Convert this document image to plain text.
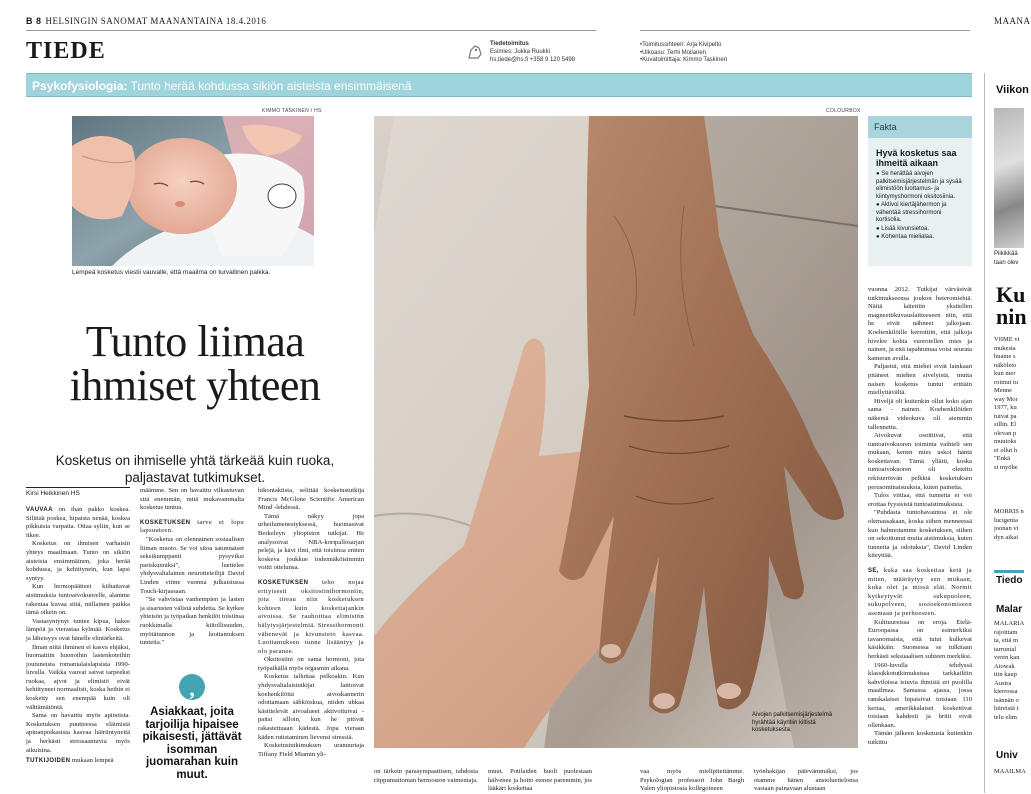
B 8 HELSINGIN SANOMAT MAANANTAINA 18.4.2016	MAANA
TIEDE	Tiedetoimitus
Esimies: Jukka Ruukki
hs.tiede@hs.fi +358 9 120 5498
•Toimitussihteeri: Arja Kivipelto
•Ulkoasu: Terhi Moilanen
•Kuvatoimittaja: Kimmo Taskinen
Psykofysiologia: Tunto herää kohdussa sikiön aisteista ensimmäisenä
KIMMO TASKINEN / HS
Lempeä kosketus viestii vauvalle, että maailma on turvallinen paikka.
Tunto liimaa
ihmiset yhteen
Kosketus on ihmiselle yhtä tärkeää kuin ruoka,
paljastavat tutkimukset.
COLOURBOX
Aivojen palkitsemisjärjestelmä hyrähtää käyntiin kiltistä kosketuksesta.
Fakta
Hyvä kosketus saa ihmeitä aikaan
● Se herättää aivojen palkitsemisjärjestelmän ja sysää elimistöön luottamus- ja kiintymyshormoni oksitosiinia.
● Aktivoi kiertäjähermon ja vähentää stressihormoni kortisolia.
● Lisää kivunsietoa.
● Kohentaa mielialaa.
Kirsi Heikkinen HS

VAUVAA on ihan pakko koskea. Silittää poskea, hipaista nenää, koskea pikkuisia varpaita. Ottaa syliin, kun se itkee.

Kosketus on ihmisen varhaisin yhteys maailmaan. Tunto on sikiön aisteista ensimmäinen, joka herää kohdussa, ja kehittynein, kun lapsi syntyy.

Kun hermopäätteet kiihattavat aistimuksia tuntoaivokuorelle, alamme rakentaa kuvaa siitä, millainen paikka tämä oikein on.

Vastasyntynyt tuntee kipua, hakee lämpöä ja vierastaa kylmää. Kosketus ja läheisyys ovat hänelle elintärkeitä.

Ilman niitä ihminen ei kasva ehjäksi, huomattiin huonoihin lastenkoteihin joutuneista romanialaislapsista 1990-luvulla. Vaikka vauvat saivat tarpeeksi ruokaa, ajvot ja elimistö eivät kehittyneet normaalisti, koska heihin ei kosketty sen enempää kuin oli välttämätöntä.

Sama on havaittu myös apinoista. Kosketuksen puutteessa eläimistä apinanpoikasista kasvaa häiriintyneitä ja herkästi stressaantuvia myös aikuisina.

TUTKIJOIDEN mukaan lempeä

määmme. Sen on havaittu vilkastuvan sitä enemmän, mitä mukavammalta kosketus tuntuu.

KOSKETUKSEN tarve ei lopu lapsuuteen.

"Kosketus on olennainen sosiaalisen liiman muoto. Se voi sitoa satunnaiset seksikumppanit pysyviksi pariskunniksi", luettelee yhdysvaltalainen neurotieteilijä David Linden viime vuonna julkaistussa Touch-kirjassaan.

"Se vahvistaa vanhempien ja lasten ja sisarusten välistä suhdetta. Se kytkee yhteisön ja työpaikan henkilöt toisiinsa ruokkimalla kiitollisuuden, myötätunnon ja luottamuksen tunteita."

,
Asiakkaat, joita tarjoilija hipaisee pikaisesti, jättävät isomman juomarahan kuin muut.

hikontaktista, selittää kosketustutkija Francis McGlone Scientific American Mind -lehdessä.

Tämä näkyy jopa urheilumenestyksessä, huomasivat Berkeleyn yliopiston tutkijat. He analysoivat NBA-koripallosarjan pelejä, ja kävi ilmi, että toisiinsa eniten koskeva joukkue todennäköisimmin voitti ottelunsa.

KOSKETUKSEN teho nojaa erityisesti oksitosiinihormoniin, jota tireau niin kosketuksen kohteen kuin koskettajankin aivoissa. Se rauhoittaa elimistön hälytysjärjestelmiä. Stressihormonit vähenevät ja kivunsieto kasvaa. Luottamuksen tunne lisääntyy ja olo paranee.

Oksitosiini on sama hormoni, jota työpaikällä myös orgasmin aikana.

Kosketus talluttaa pelkoakin. Kun yhdysvaltalaistutkijat laittoivat koehenkilöitä aivoskannerin odottamaan sähköiskua, niiden uhkaa käsittelevät aivoalueet aktivoituivat - paitsi silloin, kun he pitivät rakastettuaan kädestä. Jopa vieraan käden rutistaminen lievensi stressiä.

Kosketustutkimuksen uranuurtaja Tiffany Field Miamin yli-

on tärkein parasympaattisen, tahdosta riippumattoman hermoston vaimentaja.
muut. Potilaiden huoli puolestaan hälvenee ja hoito etenee paremmin, jos lääkäri koskettaa
vaa myös mielipiteitämme. Psykologian professori John Bargh Yalen yliopistosta kollegoineen
työnhakijan pätevämmäksi, jos otamme hänen ansioluettelonsa vastaan painavaan alustaan

vuonna 2012. Tutkijat värväsivät tutkimukseensa joukon heteromiehiä. Näitä laitettiin yksitellen magneettikuvauslaitteeseen niin, että he eivät nähneet jalkojaan. Koehenkilöille kerrottiin, että jalkoja hivelee kohta vuorotellen mies ja nainen, ja että tapahtumaa voisi seurata kameran avulla.

Paljastui, että miehet eivät lainkaan pitäneet miehen sivelyistä, mutta naisen kosketus tuntui erittäin miellyttävältä.

Hiveljä oli kuitenkin ollut koko ajan sama - nainen. Koehenkilöiden näkemä videokuva oli aiemmin tallennettu.

Aivokuvat osoittivat, että tuntoaivokuoren toiminta vaihteli sen mukaan, kenen mies uskoi häntä koskettavan. Tämä yllätti, koska tuntoaivokuoren oli oletettu rekisteröivän pelkkiä kosketuksen perusominaisuuksia, kuten painetta.

Tulos viittaa, että tunneita ei voi erottaa fyysisistä tuntoaistimuksista.

"Puhdasta tuntohavaintoa ei ole olemassakaan, koska siihen menneessä kun hahmotamme kosketuksen, siihen on sekoittunut muita aistimuksia, kuten tunneita ja odotuksia", David Linden kiteyttää.

SE, kuka saa koskettaa ketä ja miten, määräytyy sen mukaan, kuka olet ja missä elät. Normit kytkeytyvät sukupuoleen, sukupolveen, sosioekonomiseen asemaan ja perheeseen.

Kulttuureissa on eroja. Etelä-Euroopassa on esimerkiksi tavanomaista, että tutut kulkevat käsikkäin. Suomessa se tulkitaan herkästi seksuaalisen suhteen merkiksi.

1960-luvulla tehdyssä klassikkotutkimuksissa tarkkailtiin kahviloissa istuvia ihmisiä eri puolilla maailmaa. Samassa ajassa, jossa ranskalaiset hipaisivat toisiaan 110 kertaa, amerikkalaiset koskettivat toisiaan kahdesti ja britit eivät ollenkaan.

Tämän jälkeen kosketusta kuitenkin tutkittu

Viikon
Piikikkää
taan olev
Ku
nin
VIIME vi
mukesta
huame s
näköleto
kun mer
roimut tu
Menne
way Mor
1977, ku
tuivat pa
sillin. El
olevan p
muutoks
ei ollut h
"Enkä
si myöhe
MORRIS n
lucigenia
joonan vi
dyn aikai
Tiedo
Malar
MALARIA
rajoittam
ta, että m
tarruntal
veren kau
Atowak
tiin kaup
Austra
kierrossa
isännän o
hiireistä t
telu elim
Univ
MAAILMA
